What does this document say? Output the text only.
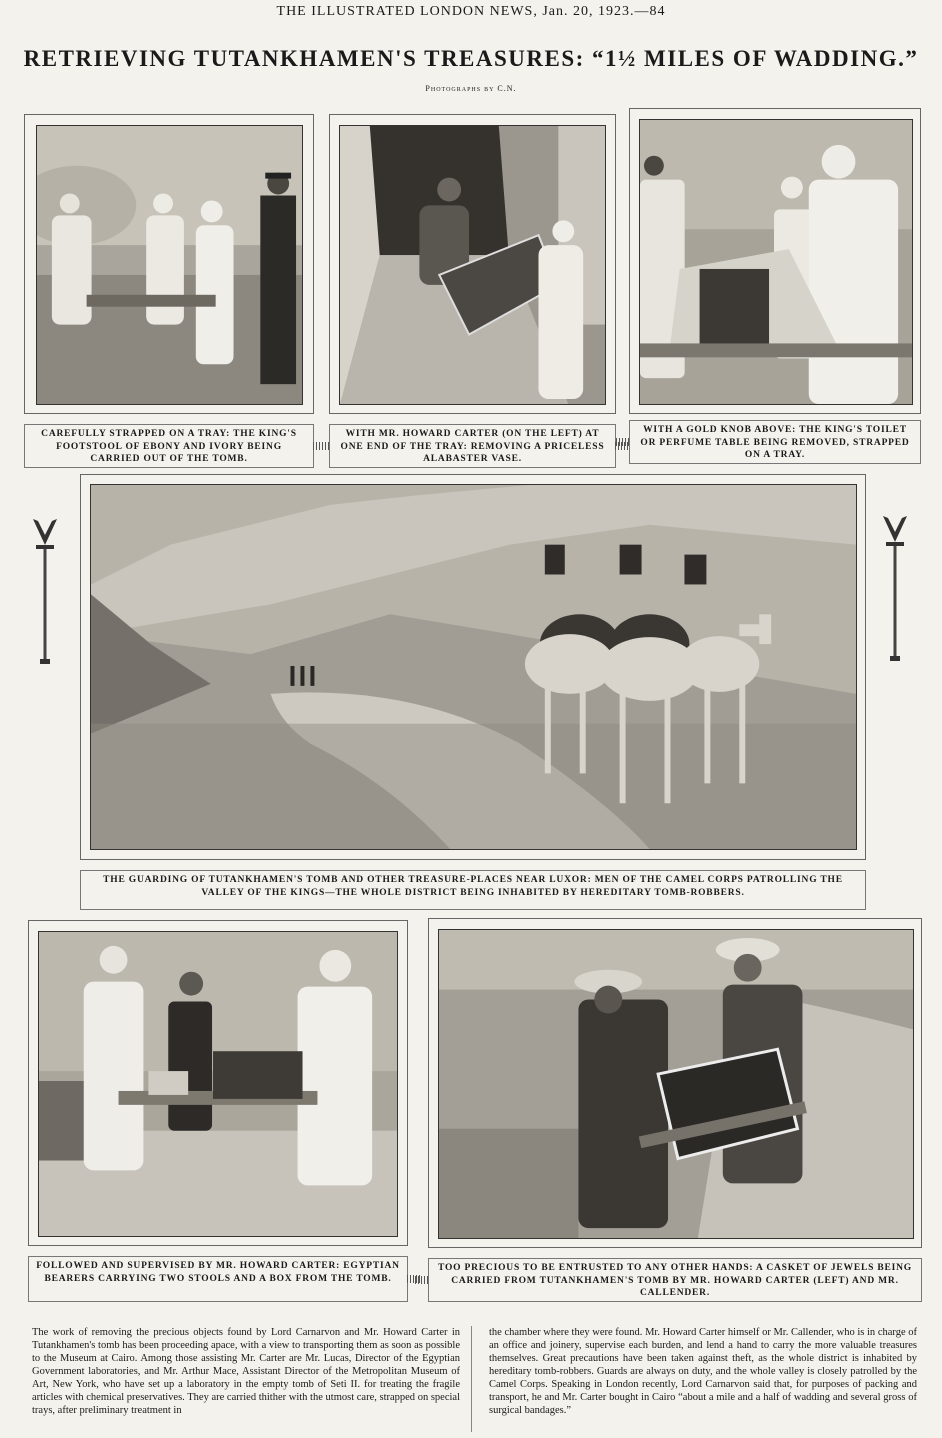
THE ILLUSTRATED LONDON NEWS, Jan. 20, 1923.—84
RETRIEVING TUTANKHAMEN'S TREASURES: “1½ MILES OF WADDING.”
Photographs by C.N.
CAREFULLY STRAPPED ON A TRAY: THE KING'S FOOTSTOOL OF EBONY AND IVORY BEING CARRIED OUT OF THE TOMB.
WITH MR. HOWARD CARTER (ON THE LEFT) AT ONE END OF THE TRAY: REMOVING A PRICELESS ALABASTER VASE.
WITH A GOLD KNOB ABOVE: THE KING'S TOILET OR PERFUME TABLE BEING REMOVED, STRAPPED ON A TRAY.
THE GUARDING OF TUTANKHAMEN'S TOMB AND OTHER TREASURE-PLACES NEAR LUXOR: MEN OF THE CAMEL CORPS PATROLLING THE VALLEY OF THE KINGS—THE WHOLE DISTRICT BEING INHABITED BY HEREDITARY TOMB-ROBBERS.
FOLLOWED AND SUPERVISED BY MR. HOWARD CARTER: EGYPTIAN BEARERS CARRYING TWO STOOLS AND A BOX FROM THE TOMB.
TOO PRECIOUS TO BE ENTRUSTED TO ANY OTHER HANDS: A CASKET OF JEWELS BEING CARRIED FROM TUTANKHAMEN'S TOMB BY MR. HOWARD CARTER (LEFT) AND MR. CALLENDER.
The work of removing the precious objects found by Lord Carnarvon and Mr. Howard Carter in Tutankhamen's tomb has been proceeding apace, with a view to transporting them as soon as possible to the Museum at Cairo. Among those assisting Mr. Carter are Mr. Lucas, Director of the Egyptian Government laboratories, and Mr. Arthur Mace, Assistant Director of the Metropolitan Museum of Art, New York, who have set up a laboratory in the empty tomb of Seti II. for treating the fragile articles with chemical preservatives. They are carried thither with the utmost care, strapped on special trays, after preliminary treatment in
the chamber where they were found. Mr. Howard Carter himself or Mr. Callender, who is in charge of an office and joinery, supervise each burden, and lend a hand to carry the more valuable treasures themselves. Great precautions have been taken against theft, as the whole district is inhabited by hereditary tomb-robbers. Guards are always on duty, and the whole valley is closely patrolled by the Camel Corps. Speaking in London recently, Lord Carnarvon said that, for purposes of packing and transport, he and Mr. Carter bought in Cairo “about a mile and a half of wadding and several gross of surgical bandages.”
